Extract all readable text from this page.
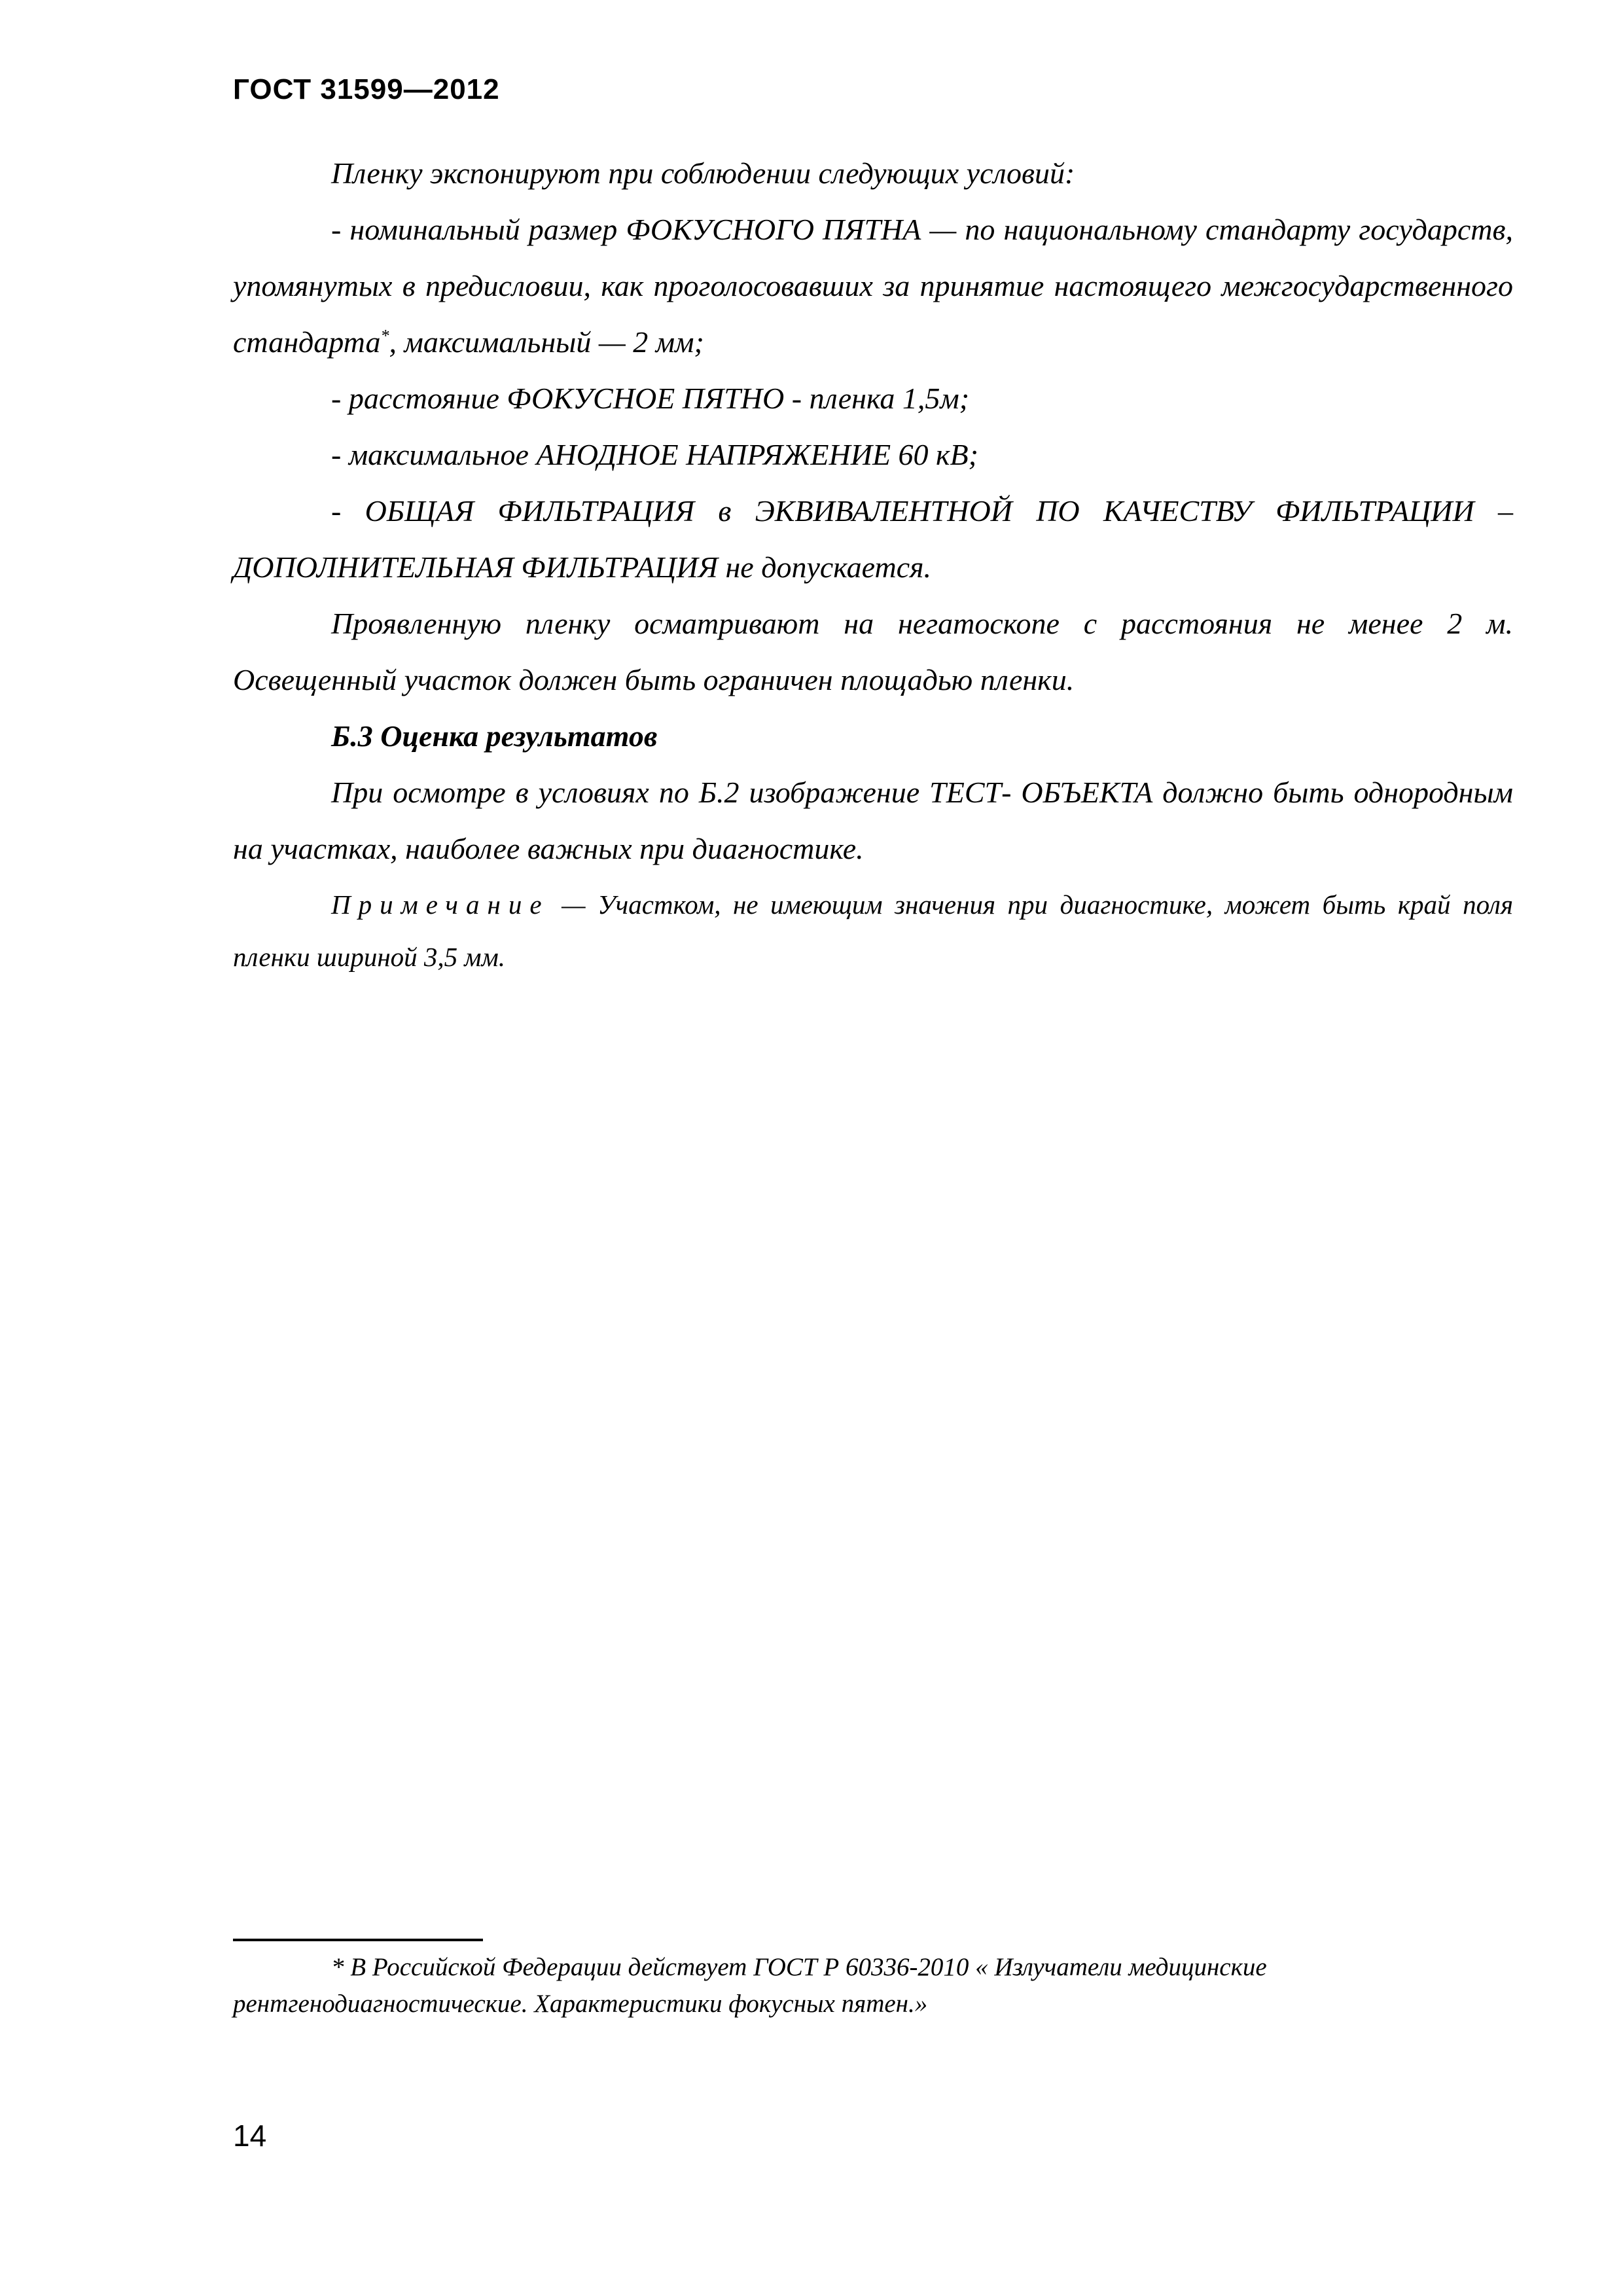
ГОСТ 31599—2012

Пленку экспонируют при соблюдении следующих условий:

- номинальный размер ФОКУСНОГО ПЯТНА — по национальному стандарту государств, упомянутых в предисловии, как проголосовавших за принятие настоящего межгосударственного стандарта*, максимальный — 2 мм;

- расстояние ФОКУСНОЕ ПЯТНО - пленка 1,5м;

- максимальное АНОДНОЕ НАПРЯЖЕНИЕ 60 кВ;

- ОБЩАЯ ФИЛЬТРАЦИЯ в ЭКВИВАЛЕНТНОЙ ПО КАЧЕСТВУ ФИЛЬТРАЦИИ – ДОПОЛНИТЕЛЬНАЯ ФИЛЬТРАЦИЯ не допускается.

Проявленную пленку осматривают на негатоскопе с расстояния не менее 2 м. Освещенный участок должен быть ограничен площадью пленки.

Б.3 Оценка результатов

При осмотре в условиях по Б.2 изображение ТЕСТ- ОБЪЕКТА должно быть однородным на участках, наиболее важных при диагностике.

Примечание — Участком, не имеющим значения при диагностике, может быть край поля пленки шириной 3,5 мм.

* В Российской Федерации действует ГОСТ Р 60336-2010 « Излучатели медицинские рентгенодиагностические. Характеристики фокусных пятен.»

14
